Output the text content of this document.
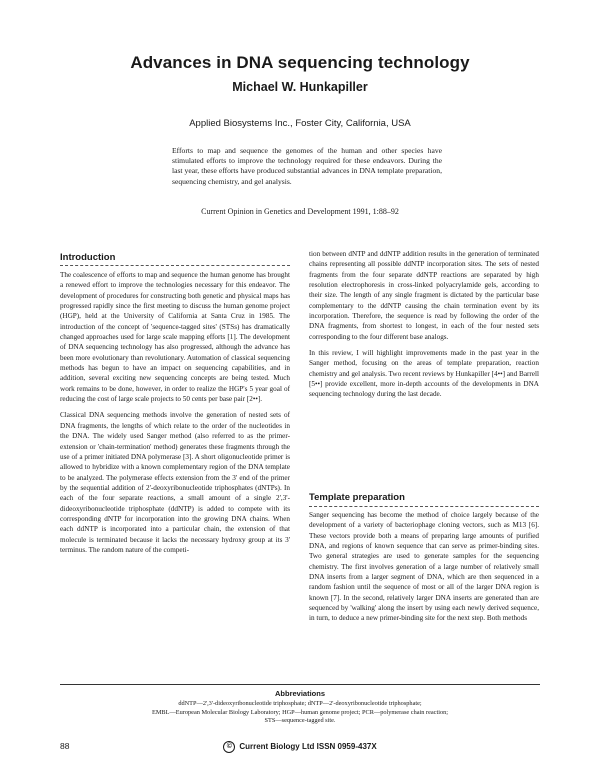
Advances in DNA sequencing technology
Michael W. Hunkapiller
Applied Biosystems Inc., Foster City, California, USA
Efforts to map and sequence the genomes of the human and other species have stimulated efforts to improve the technology required for these endeavors. During the last year, these efforts have produced substantial advances in DNA template preparation, sequencing chemistry, and gel analysis.
Current Opinion in Genetics and Development 1991, 1:88–92
Introduction

The coalescence of efforts to map and sequence the human genome has brought a renewed effort to improve the technologies necessary for this endeavor. The development of procedures for constructing both genetic and physical maps has progressed rapidly since the first meeting to discuss the human genome project (HGP), held at the University of California at Santa Cruz in 1985. The introduction of the concept of 'sequence-tagged sites' (STSs) has dramatically changed approaches used for large scale mapping efforts [1]. The development of DNA sequencing technology has also progressed, although the advance has been more evolutionary than revolutionary. Automation of classical sequencing methods has begun to have an impact on sequencing capabilities, and in addition, several exciting new sequencing concepts are being tested. Much work remains to be done, however, in order to realize the HGP's 5 year goal of reducing the cost of large scale projects to 50 cents per base pair [2••].

Classical DNA sequencing methods involve the generation of nested sets of DNA fragments, the lengths of which relate to the order of the nucleotides in the DNA. The widely used Sanger method (also referred to as the primer-extension or 'chain-termination' method) generates these fragments through the use of a primer initiated DNA polymerase [3]. A short oligonucleotide primer is allowed to hybridize with a known complementary region of the DNA template to be analyzed. The polymerase effects extension from the 3' end of the primer by the sequential addition of 2'-deoxyribonucleotide triphosphates (dNTPs). In each of the four separate reactions, a small amount of a single 2',3'-dideoxyribonucleotide triphosphate (ddNTP) is added to compete with its corresponding dNTP for incorporation into the growing DNA chains. When each ddNTP is incorporated into a particular chain, the extension of that molecule is terminated because it lacks the necessary hydroxy group at its 3' terminus. The random nature of the competi-

tion between dNTP and ddNTP addition results in the generation of terminated chains representing all possible ddNTP incorporation sites. The sets of nested fragments from the four separate ddNTP reactions are separated by high resolution electrophoresis in cross-linked polyacrylamide gels, according to their size. The length of any single fragment is dictated by the particular base complementary to the ddNTP causing the chain termination event by its incorporation. Therefore, the sequence is read by following the order of the DNA fragments, from shortest to longest, in each of the four nested sets corresponding to the four different base analogs.

In this review, I will highlight improvements made in the past year in the Sanger method, focusing on the areas of template preparation, reaction chemistry and gel analysis. Two recent reviews by Hunkapiller [4••] and Barrell [5••] provide excellent, more in-depth accounts of the developments in DNA sequencing technology during the last decade.

Template preparation

Sanger sequencing has become the method of choice largely because of the development of a variety of bacteriophage cloning vectors, such as M13 [6]. These vectors provide both a means of preparing large amounts of purified DNA, and regions of known sequence that can serve as primer-binding sites. Two general strategies are used to generate samples for the sequencing chemistry. The first involves generation of a large number of relatively small DNA inserts from a larger segment of DNA, which are then sequenced in a random fashion until the sequence of most or all of the larger DNA region is known [7]. In the second, relatively larger DNA inserts are generated than are sequenced by 'walking' along the insert by using each newly derived sequence, in turn, to deduce a new primer-binding site for the next step. Both methods

Abbreviations
ddNTP—2',3'-dideoxyribonucleotide triphosphate; dNTP—2'-deoxyribonucleotide triphosphate;
EMBL—European Molecular Biology Laboratory; HGP—human genome project; PCR—polymerase chain reaction;
STS—sequence-tagged site.
88	© Current Biology Ltd ISSN 0959-437X
